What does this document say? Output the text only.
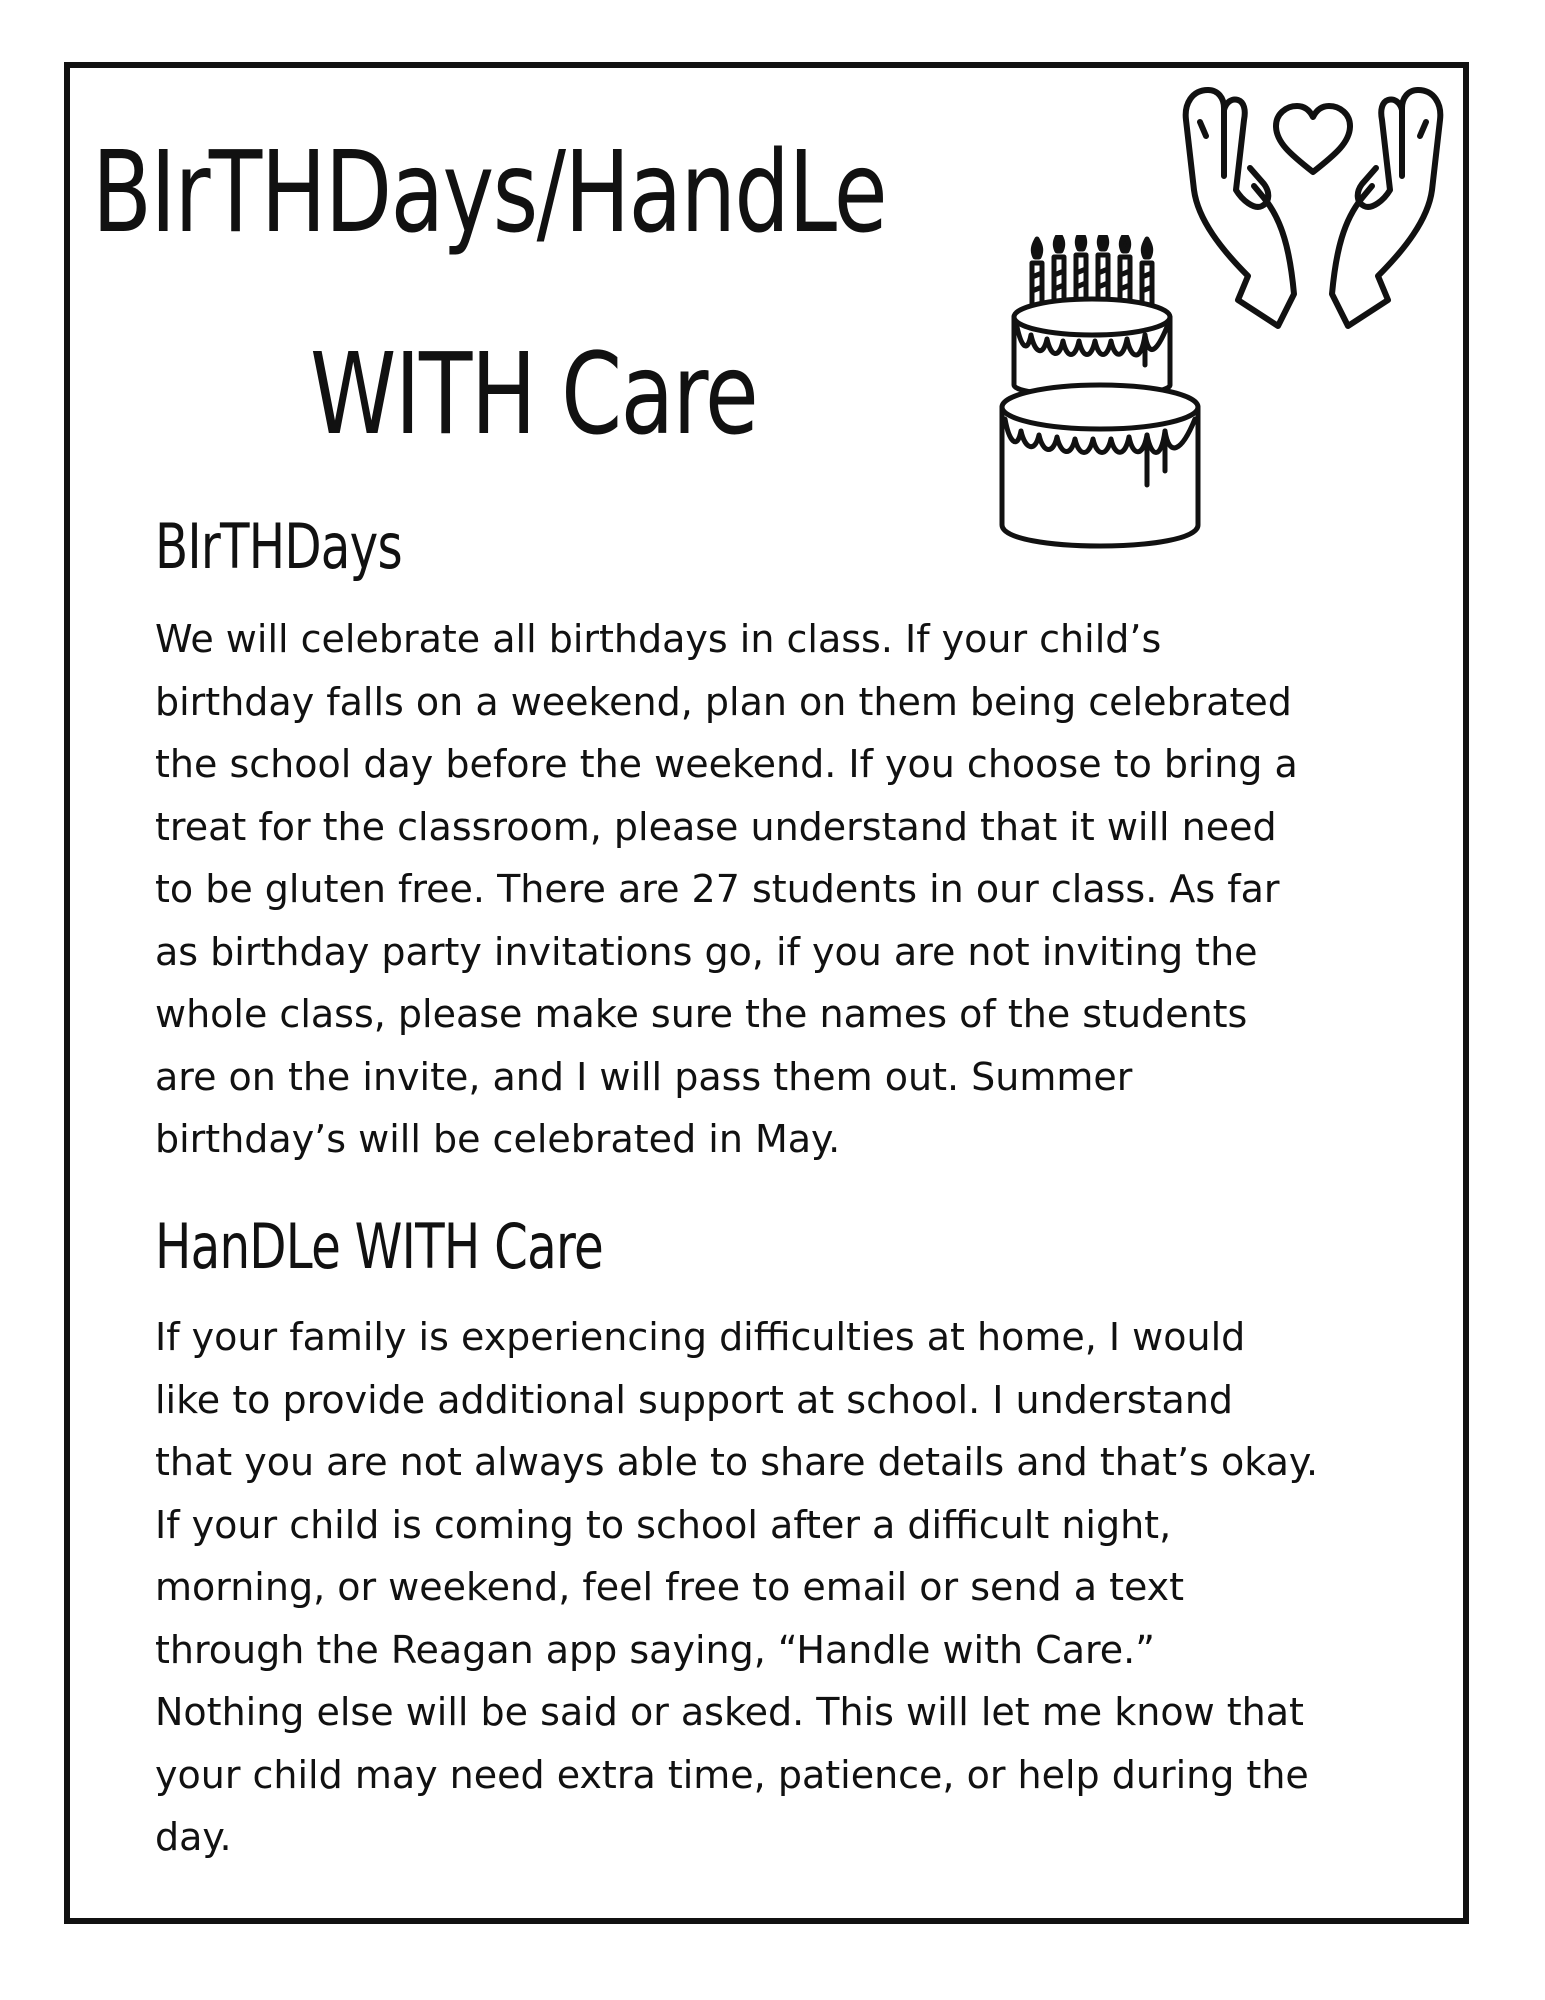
BIrTHDays/HandLe
WITH Care
BIrTHDays

We will celebrate all birthdays in class. If your child’s
birthday falls on a weekend, plan on them being celebrated
the school day before the weekend. If you choose to bring a
treat for the classroom, please understand that it will need
to be gluten free. There are 27 students in our class. As far
as birthday party invitations go, if you are not inviting the
whole class, please make sure the names of the students
are on the invite, and I will pass them out. Summer
birthday’s will be celebrated in May.

HanDLe WITH Care

If your family is experiencing difficulties at home, I would
like to provide additional support at school. I understand
that you are not always able to share details and that’s okay.
If your child is coming to school after a difficult night,
morning, or weekend, feel free to email or send a text
through the Reagan app saying, “Handle with Care.”
Nothing else will be said or asked. This will let me know that
your child may need extra time, patience, or help during the
day.
